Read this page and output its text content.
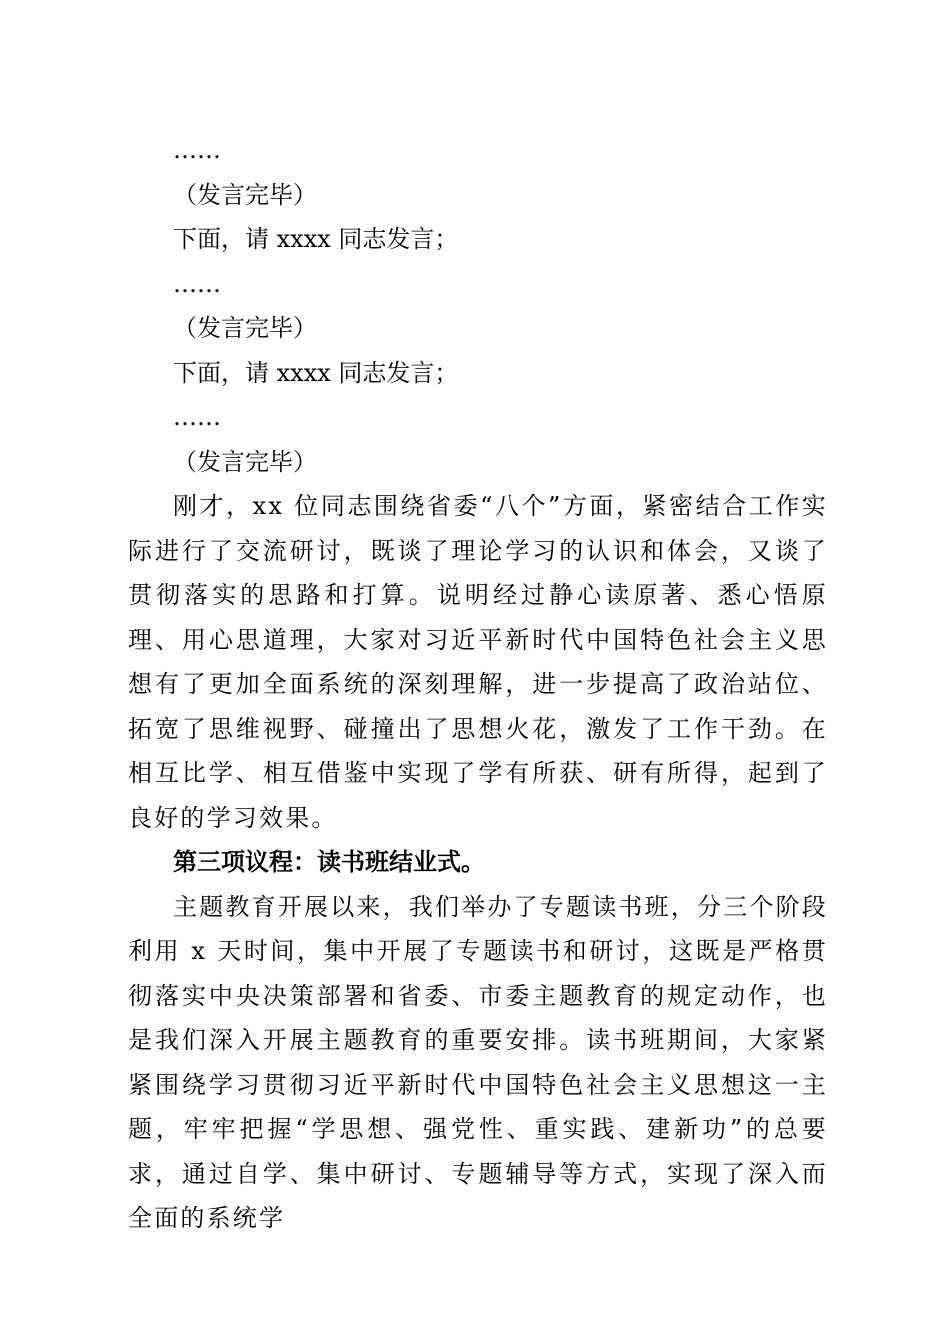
……

（发言完毕）

下面，请 xxxx 同志发言；

……

（发言完毕）

下面，请 xxxx 同志发言；

……

（发言完毕）

刚才，xx 位同志围绕省委“八个”方面，紧密结合工作实际进行了交流研讨，既谈了理论学习的认识和体会，又谈了贯彻落实的思路和打算。说明经过静心读原著、悉心悟原理、用心思道理，大家对习近平新时代中国特色社会主义思想有了更加全面系统的深刻理解，进一步提高了政治站位、拓宽了思维视野、碰撞出了思想火花，激发了工作干劲。在相互比学、相互借鉴中实现了学有所获、研有所得，起到了良好的学习效果。

第三项议程：读书班结业式。

主题教育开展以来，我们举办了专题读书班，分三个阶段利用 x 天时间，集中开展了专题读书和研讨，这既是严格贯彻落实中央决策部署和省委、市委主题教育的规定动作，也是我们深入开展主题教育的重要安排。读书班期间，大家紧紧围绕学习贯彻习近平新时代中国特色社会主义思想这一主题，牢牢把握“学思想、强党性、重实践、建新功”的总要求，通过自学、集中研讨、专题辅导等方式，实现了深入而全面的系统学
